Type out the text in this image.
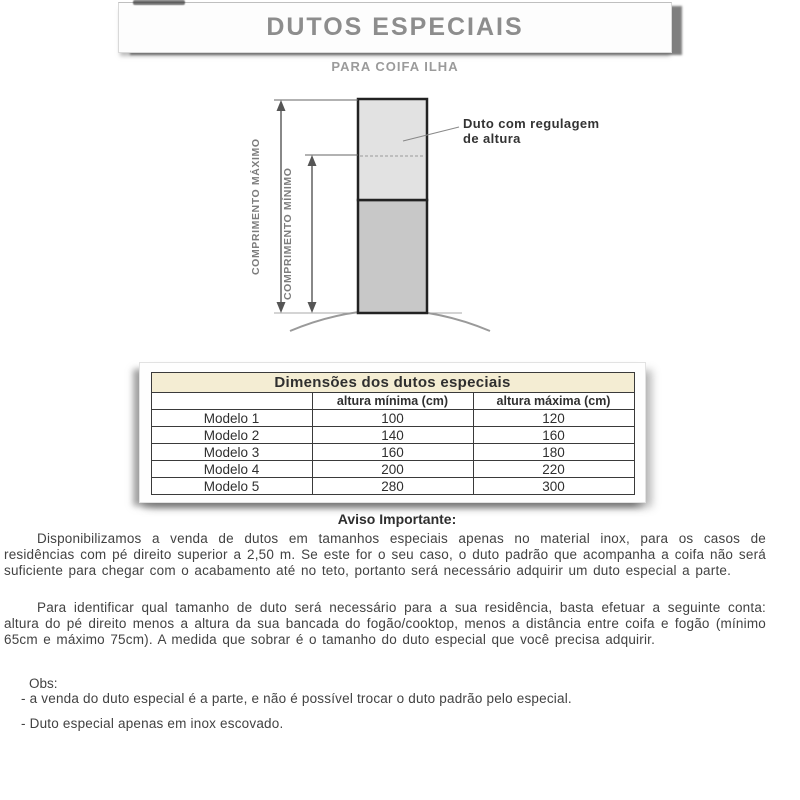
DUTOS ESPECIAIS
PARA COIFA ILHA
COMPRIMENTO MÁXIMO	COMPRIMENTO MÍNIMO
Duto com regulagem
de altura
Dimensões dos dutos especiais		
	altura mínima (cm)	altura máxima (cm)
Modelo 1	100	120
Modelo 2	140	160
Modelo 3	160	180
Modelo 4	200	220
Modelo 5	280	300
Aviso Importante:

Disponibilizamos a venda de dutos em tamanhos especiais apenas no material inox, para os casos de residências com pé direito superior a 2,50 m. Se este for o seu caso, o duto padrão que acompanha a coifa não será suficiente para chegar com o acabamento até no teto, portanto será necessário adquirir um duto especial a parte.

Para identificar qual tamanho de duto será necessário para a sua residência, basta efetuar a seguinte conta: altura do pé direito menos a altura da sua bancada do fogão/cooktop, menos a distância entre coifa e fogão (mínimo 65cm e máximo 75cm). A medida que sobrar é o tamanho do duto especial que você precisa adquirir.

Obs:
- a venda do duto especial é a parte, e não é possível trocar o duto padrão pelo especial.
- Duto especial apenas em inox escovado.
